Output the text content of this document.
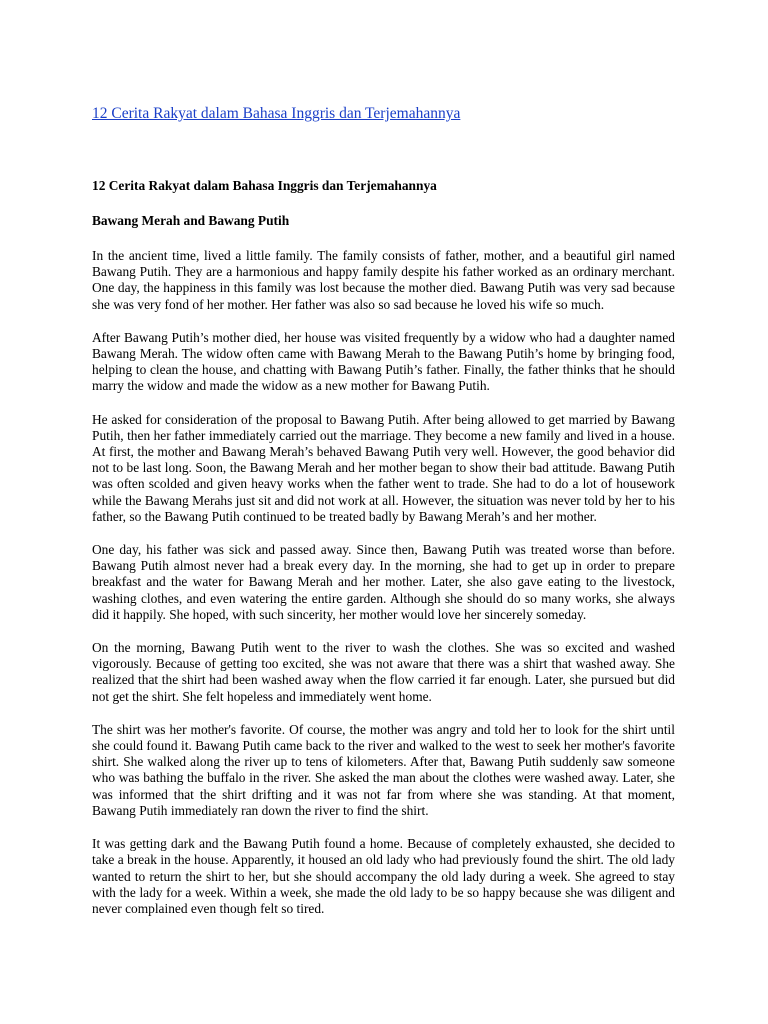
12 Cerita Rakyat dalam Bahasa Inggris dan Terjemahannya
12 Cerita Rakyat dalam Bahasa Inggris dan Terjemahannya
Bawang Merah and Bawang Putih

In the ancient time, lived a little family. The family consists of father, mother, and a beautiful girl named Bawang Putih. They are a harmonious and happy family despite his father worked as an ordinary merchant. One day, the happiness in this family was lost because the mother died. Bawang Putih was very sad because she was very fond of her mother. Her father was also so sad because he loved his wife so much.

After Bawang Putih’s mother died, her house was visited frequently by a widow who had a daughter named Bawang Merah. The widow often came with Bawang Merah to the Bawang Putih’s home by bringing food, helping to clean the house, and chatting with Bawang Putih’s father. Finally, the father thinks that he should marry the widow and made the widow as a new mother for Bawang Putih.

He asked for consideration of the proposal to Bawang Putih. After being allowed to get married by Bawang Putih, then her father immediately carried out the marriage. They become a new family and lived in a house. At first, the mother and Bawang Merah’s behaved Bawang Putih very well. However, the good behavior did not to be last long. Soon, the Bawang Merah and her mother began to show their bad attitude. Bawang Putih was often scolded and given heavy works when the father went to trade. She had to do a lot of housework while the Bawang Merahs just sit and did not work at all. However, the situation was never told by her to his father, so the Bawang Putih continued to be treated badly by Bawang Merah’s and her mother.

One day, his father was sick and passed away. Since then, Bawang Putih was treated worse than before. Bawang Putih almost never had a break every day. In the morning, she had to get up in order to prepare breakfast and the water for Bawang Merah and her mother. Later, she also gave eating to the livestock, washing clothes, and even watering the entire garden. Although she should do so many works, she always did it happily. She hoped, with such sincerity, her mother would love her sincerely someday.

On the morning, Bawang Putih went to the river to wash the clothes. She was so excited and washed vigorously. Because of getting too excited, she was not aware that there was a shirt that washed away. She realized that the shirt had been washed away when the flow carried it far enough. Later, she pursued but did not get the shirt. She felt hopeless and immediately went home.

The shirt was her mother's favorite. Of course, the mother was angry and told her to look for the shirt until she could found it. Bawang Putih came back to the river and walked to the west to seek her mother's favorite shirt. She walked along the river up to tens of kilometers. After that, Bawang Putih suddenly saw someone who was bathing the buffalo in the river. She asked the man about the clothes were washed away. Later, she was informed that the shirt drifting and it was not far from where she was standing. At that moment, Bawang Putih immediately ran down the river to find the shirt.

It was getting dark and the Bawang Putih found a home. Because of completely exhausted, she decided to take a break in the house. Apparently, it housed an old lady who had previously found the shirt. The old lady wanted to return the shirt to her, but she should accompany the old lady during a week. She agreed to stay with the lady for a week. Within a week, she made the old lady to be so happy because she was diligent and never complained even though felt so tired.
